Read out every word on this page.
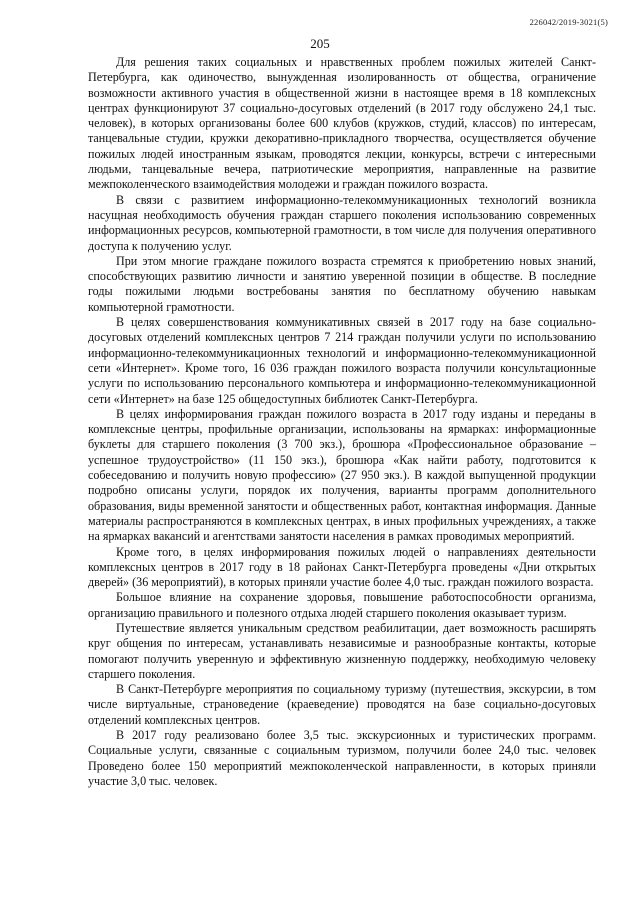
226042/2019-3021(5)
205

Для решения таких социальных и нравственных проблем пожилых жителей Санкт-Петербурга, как одиночество, вынужденная изолированность от общества, ограничение возможности активного участия в общественной жизни в настоящее время в 18 комплексных центрах функционируют 37 социально-досуговых отделений (в 2017 году обслужено 24,1 тыс. человек), в которых организованы более 600 клубов (кружков, студий, классов) по интересам, танцевальные студии, кружки декоративно-прикладного творчества, осуществляется обучение пожилых людей иностранным языкам, проводятся лекции, конкурсы, встречи с интересными людьми, танцевальные вечера, патриотические мероприятия, направленные на развитие межпоколенческого взаимодействия молодежи и граждан пожилого возраста.

В связи с развитием информационно-телекоммуникационных технологий возникла насущная необходимость обучения граждан старшего поколения использованию современных информационных ресурсов, компьютерной грамотности, в том числе для получения оперативного доступа к получению услуг.

При этом многие граждане пожилого возраста стремятся к приобретению новых знаний, способствующих развитию личности и занятию уверенной позиции в обществе. В последние годы пожилыми людьми востребованы занятия по бесплатному обучению навыкам компьютерной грамотности.

В целях совершенствования коммуникативных связей в 2017 году на базе социально-досуговых отделений комплексных центров 7 214 граждан получили услуги по использованию информационно-телекоммуникационных технологий и информационно-телекоммуникационной сети «Интернет». Кроме того, 16 036 граждан пожилого возраста получили консультационные услуги по использованию персонального компьютера и информационно-телекоммуникационной сети «Интернет» на базе 125 общедоступных библиотек Санкт-Петербурга.

В целях информирования граждан пожилого возраста в 2017 году изданы и переданы в комплексные центры, профильные организации, использованы на ярмарках: информационные буклеты для старшего поколения (3 700 экз.), брошюра «Профессиональное образование – успешное трудоустройство» (11 150 экз.), брошюра «Как найти работу, подготовится к собеседованию и получить новую профессию» (27 950 экз.). В каждой выпущенной продукции подробно описаны услуги, порядок их получения, варианты программ дополнительного образования, виды временной занятости и общественных работ, контактная информация. Данные материалы распространяются в комплексных центрах, в иных профильных учреждениях, а также на ярмарках вакансий и агентствами занятости населения в рамках проводимых мероприятий.

Кроме того, в целях информирования пожилых людей о направлениях деятельности комплексных центров в 2017 году в 18 районах Санкт-Петербурга проведены «Дни открытых дверей» (36 мероприятий), в которых приняли участие более 4,0 тыс. граждан пожилого возраста.

Большое влияние на сохранение здоровья, повышение работоспособности организма, организацию правильного и полезного отдыха людей старшего поколения оказывает туризм.

Путешествие является уникальным средством реабилитации, дает возможность расширять круг общения по интересам, устанавливать независимые и разнообразные контакты, которые помогают получить уверенную и эффективную жизненную поддержку, необходимую человеку старшего поколения.

В Санкт-Петербурге мероприятия по социальному туризму (путешествия, экскурсии, в том числе виртуальные, страноведение (краеведение) проводятся на базе социально-досуговых отделений комплексных центров.

В 2017 году реализовано более 3,5 тыс. экскурсионных и туристических программ. Социальные услуги, связанные с социальным туризмом, получили более 24,0 тыс. человек Проведено более 150 мероприятий межпоколенческой направленности, в которых приняли участие 3,0 тыс. человек.
